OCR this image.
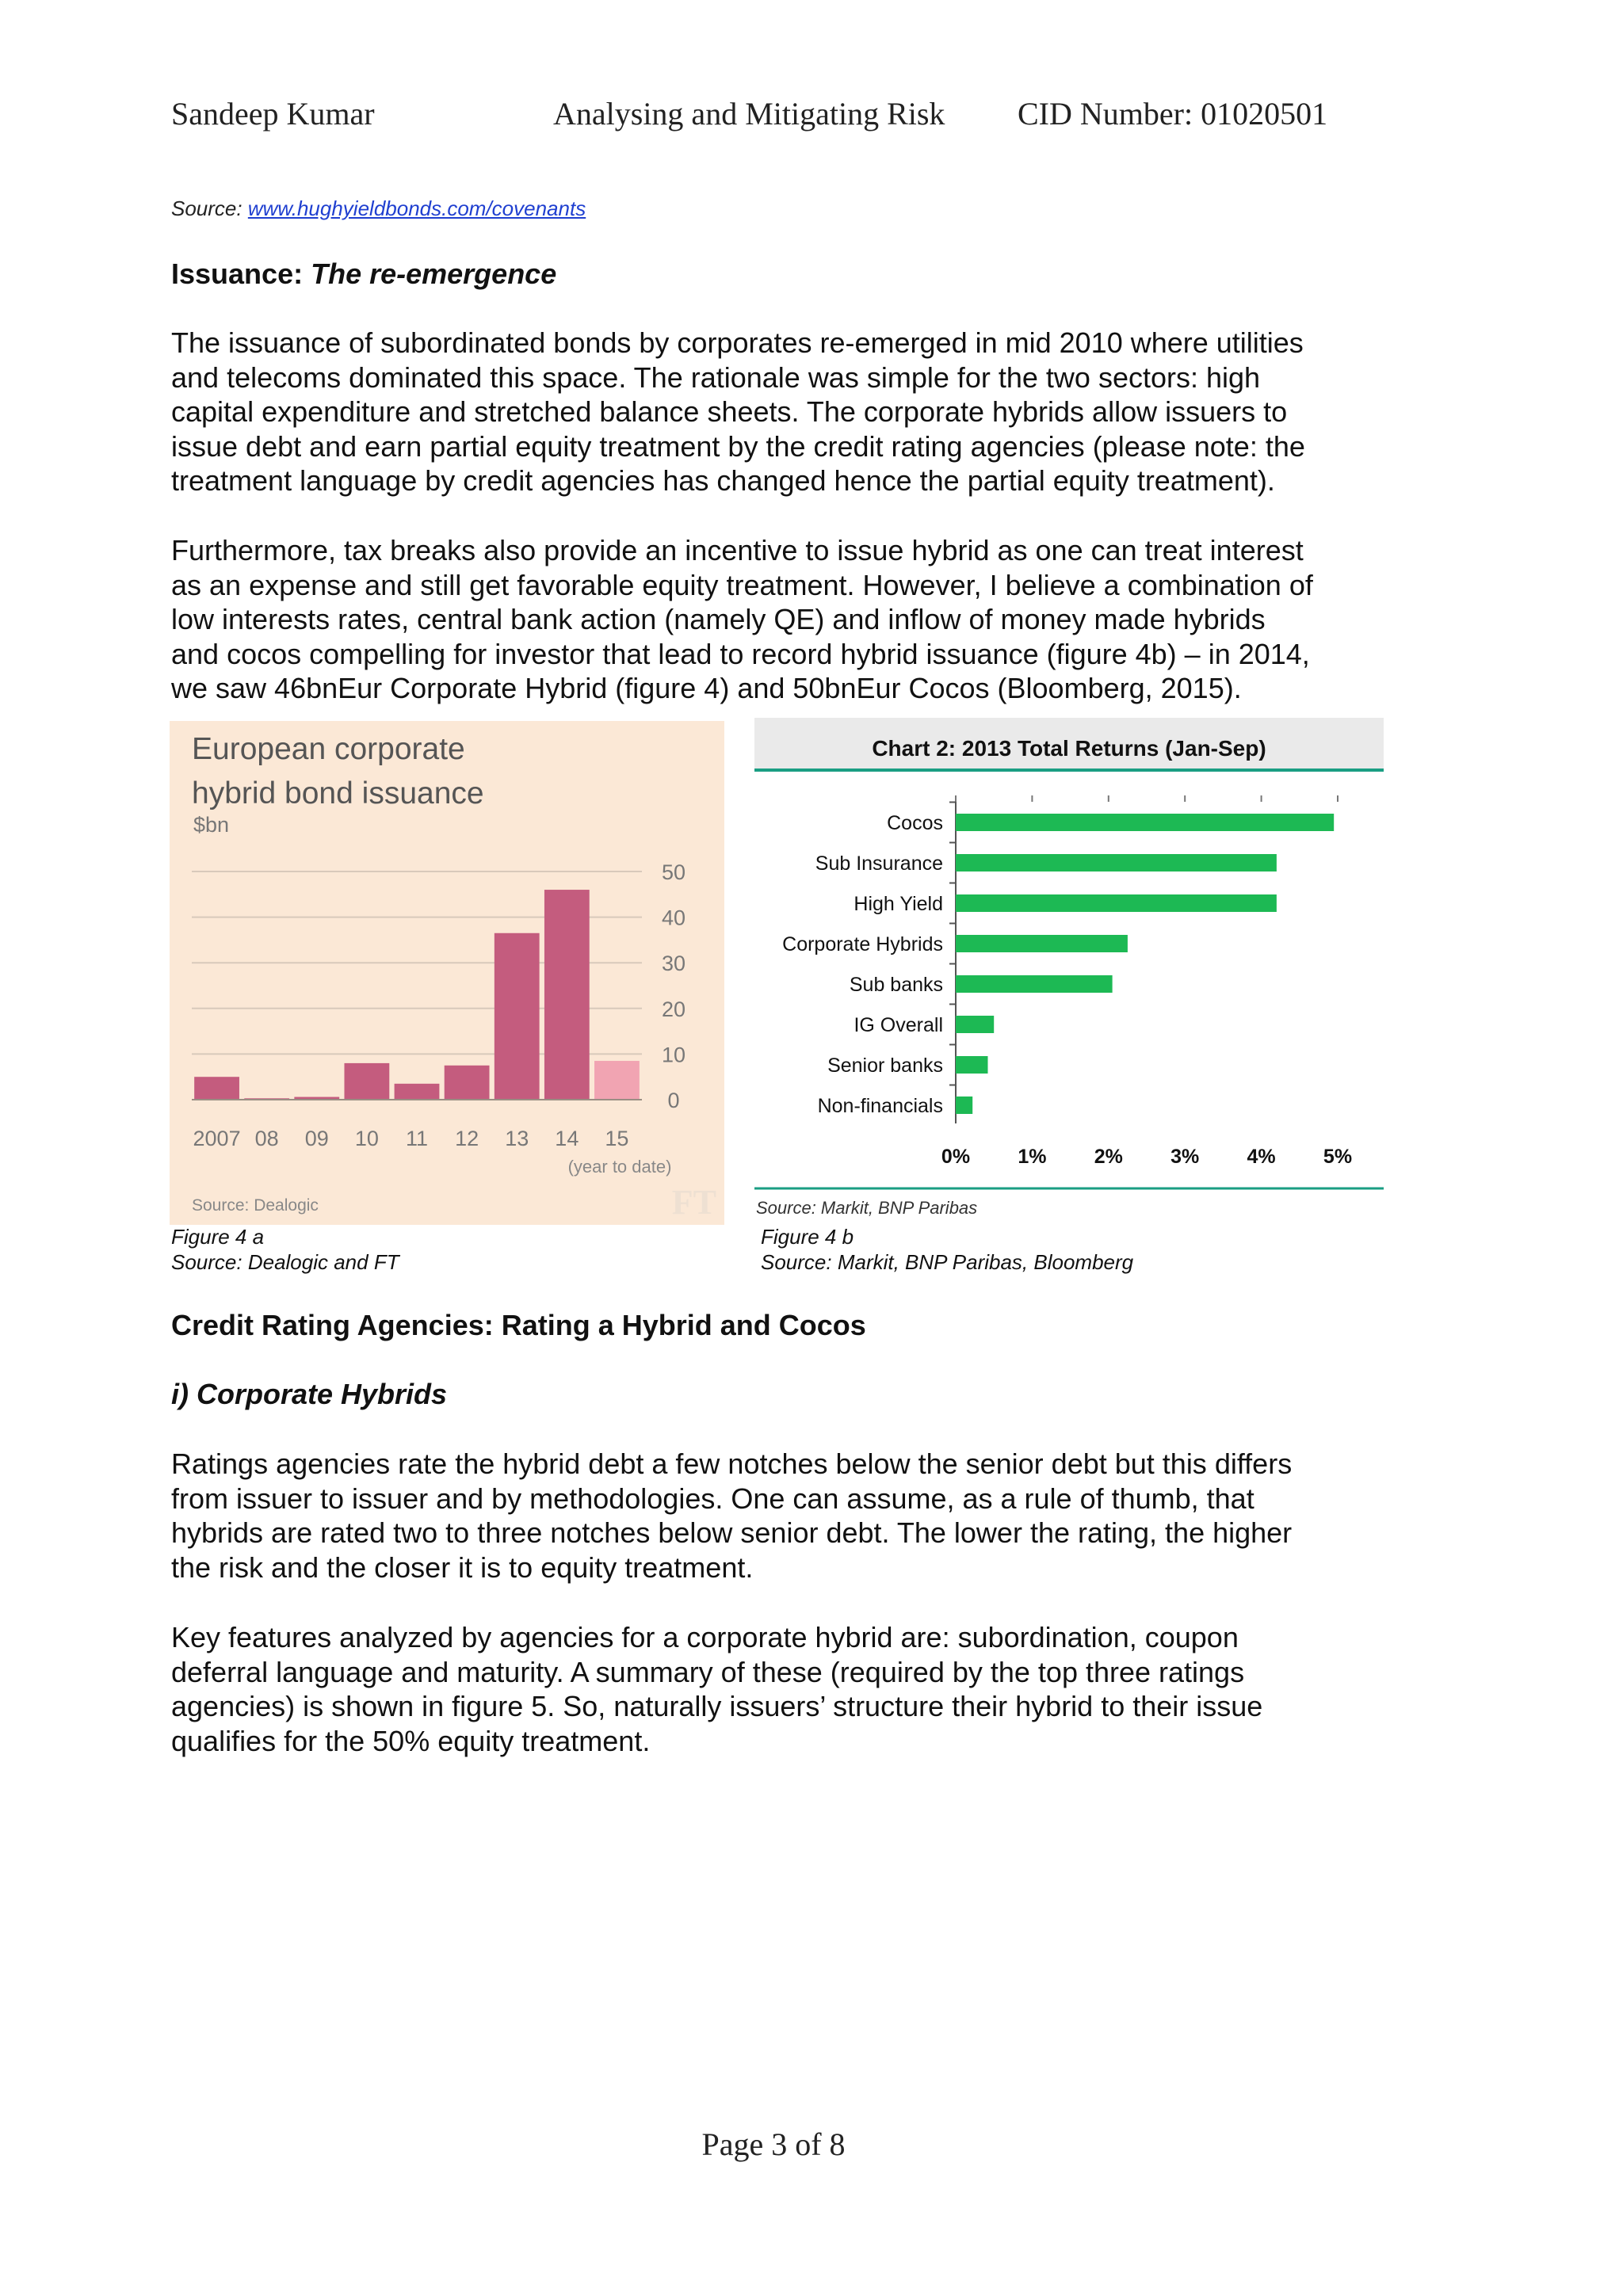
Sandeep Kumar	Analysing and Mitigating Risk CID Number: 01020501
Source: www.hughyieldbonds.com/covenants
Issuance: The re-emergence
The issuance of subordinated bonds by corporates re-emerged in mid 2010 where utilities
and telecoms dominated this space. The rationale was simple for the two sectors: high
capital expenditure and stretched balance sheets. The corporate hybrids allow issuers to
issue debt and earn partial equity treatment by the credit rating agencies (please note: the
treatment language by credit agencies has changed hence the partial equity treatment).
Furthermore, tax breaks also provide an incentive to issue hybrid as one can treat interest
as an expense and still get favorable equity treatment. However, I believe a combination of
low interests rates, central bank action (namely QE) and inflow of money made hybrids
and cocos compelling for investor that lead to record hybrid issuance (figure 4b) – in 2014,
we saw 46bnEur Corporate Hybrid (figure 4) and 50bnEur Cocos (Bloomberg, 2015).
European corporate
hybrid bond issuance
$bn
0
10
20
30
40
50
2007 08 09 10 11 12 13 14 15
(year to date)
Source: Dealogic	FT
Figure 4 a
Source: Dealogic and FT
Chart 2: 2013 Total Returns (Jan-Sep)
0% 1% 2% 3% 4% 5%
Cocos
Sub Insurance
High Yield
Corporate Hybrids
Sub banks
IG Overall
Senior banks
Non-financials
Source: Markit, BNP Paribas
Figure 4 b
Source: Markit, BNP Paribas, Bloomberg
Credit Rating Agencies: Rating a Hybrid and Cocos
i) Corporate Hybrids
Ratings agencies rate the hybrid debt a few notches below the senior debt but this differs
from issuer to issuer and by methodologies. One can assume, as a rule of thumb, that
hybrids are rated two to three notches below senior debt. The lower the rating, the higher
the risk and the closer it is to equity treatment.
Key features analyzed by agencies for a corporate hybrid are: subordination, coupon
deferral language and maturity. A summary of these (required by the top three ratings
agencies) is shown in figure 5. So, naturally issuers’ structure their hybrid to their issue
qualifies for the 50% equity treatment.
Page 3 of 8
